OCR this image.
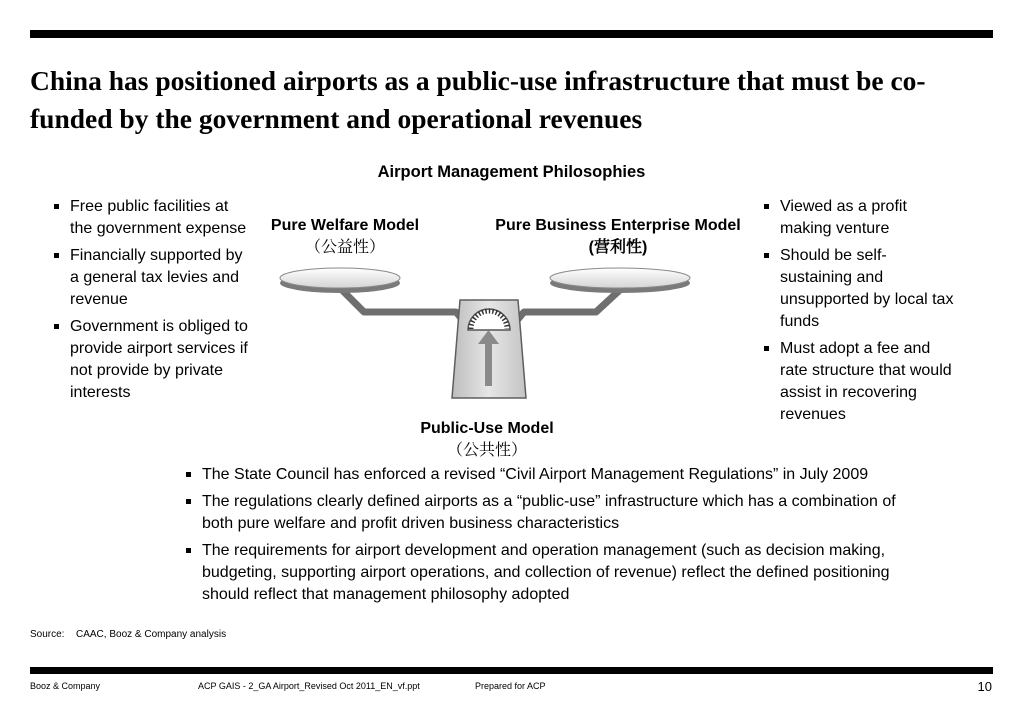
China has positioned airports as a public-use infrastructure that must be co-funded by the government and operational revenues
Airport Management Philosophies
Free public facilities at the government expense
Financially supported by a general tax levies and revenue
Government is obliged to provide airport services if not provide by private interests
Viewed as a profit making venture
Should be self-sustaining and unsupported by local tax funds
Must adopt a fee and rate structure that would assist in recovering revenues
Pure Welfare Model
（公益性）
Pure Business Enterprise Model
(营利性)
Public-Use Model
（公共性）
The State Council has enforced a revised “Civil Airport Management Regulations” in July 2009
The regulations clearly defined airports as a “public-use” infrastructure which has a combination of both pure welfare and profit driven business characteristics
The requirements for airport development and operation management (such as decision making, budgeting, supporting airport operations, and collection of revenue) reflect the defined positioning should reflect that management philosophy adopted
Source: CAAC, Booz & Company analysis
Booz & Company	ACP GAIS - 2_GA Airport_Revised Oct 2011_EN_vf.ppt	Prepared for ACP	10
